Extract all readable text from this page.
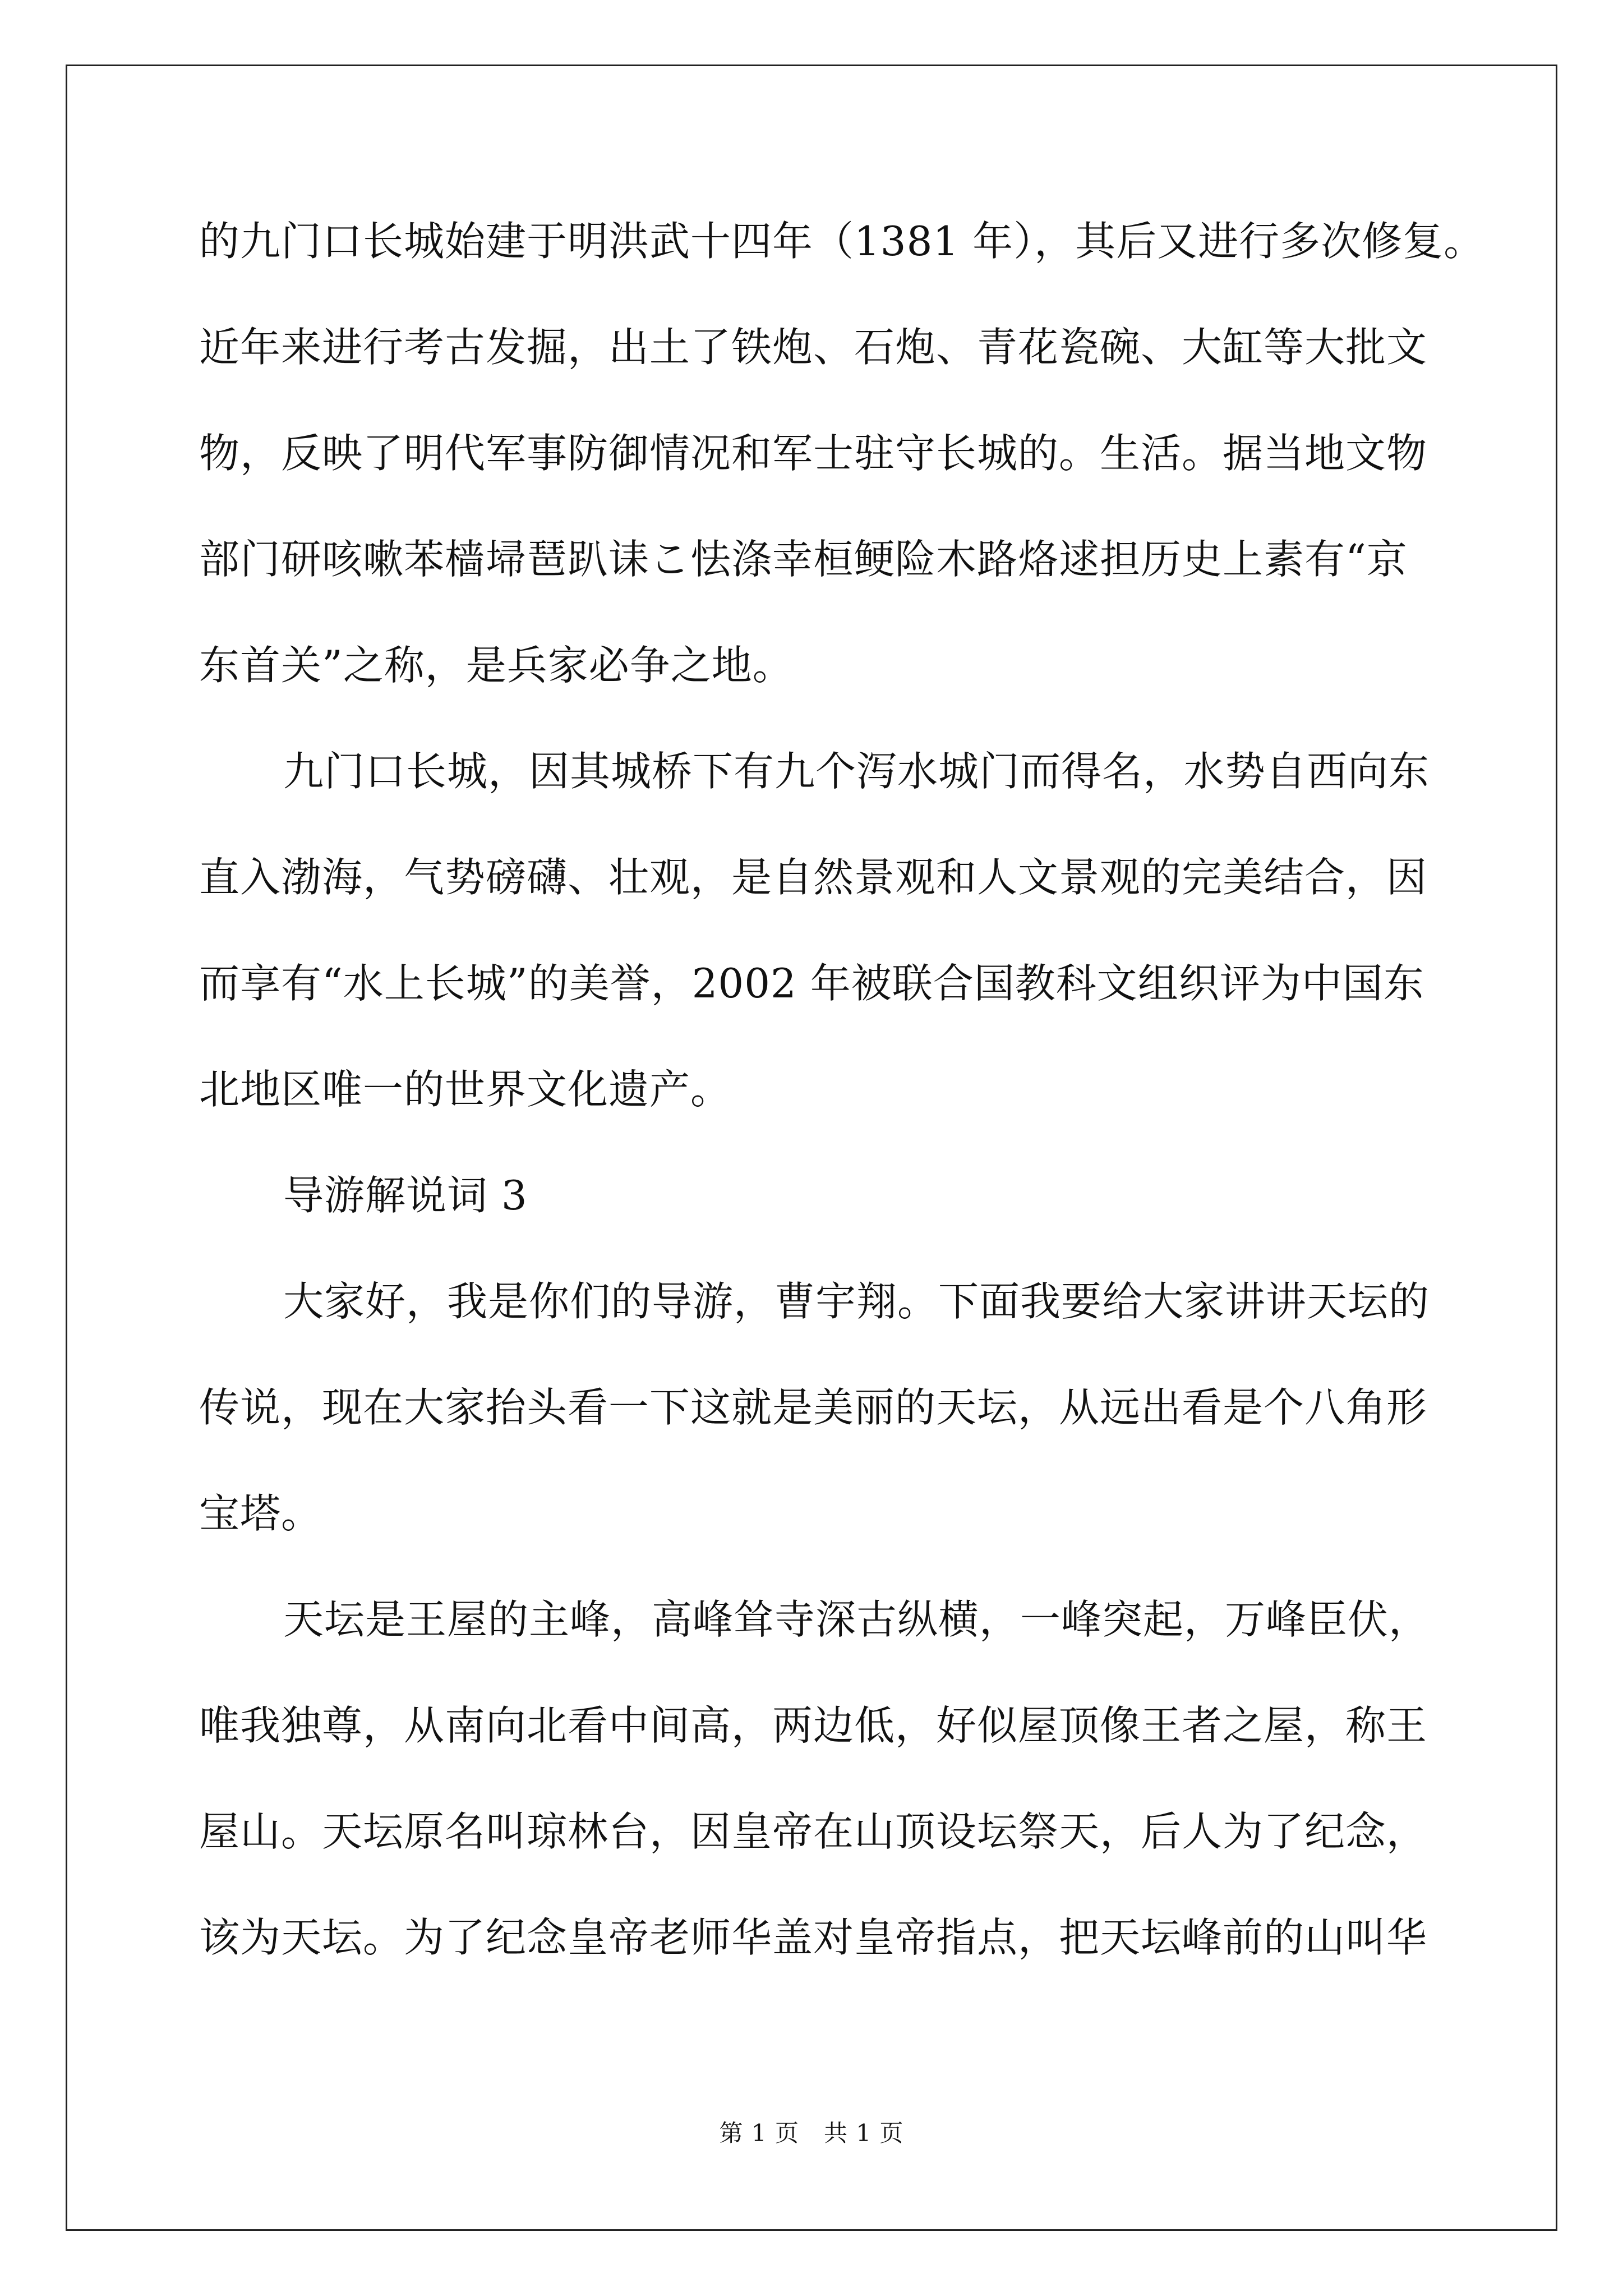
的九门口长城始建于明洪武十四年（1381 年），其后又进行多次修复。
近年来进行考古发掘，出土了铁炮、石炮、青花瓷碗、大缸等大批文
物，反映了明代军事防御情况和军士驻守长城的。生活。据当地文物
部门研咳嗽苯樯埽琶趴诔こ怯涤幸桓鲠险木路烙逑担历史上素有“京
东首关”之称，是兵家必争之地。
九门口长城，因其城桥下有九个泻水城门而得名，水势自西向东
直入渤海，气势磅礴、壮观，是自然景观和人文景观的完美结合，因
而享有“水上长城”的美誉，2002 年被联合国教科文组织评为中国东
北地区唯一的世界文化遗产。
导游解说词 3
大家好，我是你们的导游，曹宇翔。下面我要给大家讲讲天坛的
传说，现在大家抬头看一下这就是美丽的天坛，从远出看是个八角形
宝塔。
天坛是王屋的主峰，高峰耸寺深古纵横，一峰突起，万峰臣伏，
唯我独尊，从南向北看中间高，两边低，好似屋顶像王者之屋，称王
屋山。天坛原名叫琼林台，因皇帝在山顶设坛祭天，后人为了纪念，
该为天坛。为了纪念皇帝老师华盖对皇帝指点，把天坛峰前的山叫华
第 1 页 共 1 页
